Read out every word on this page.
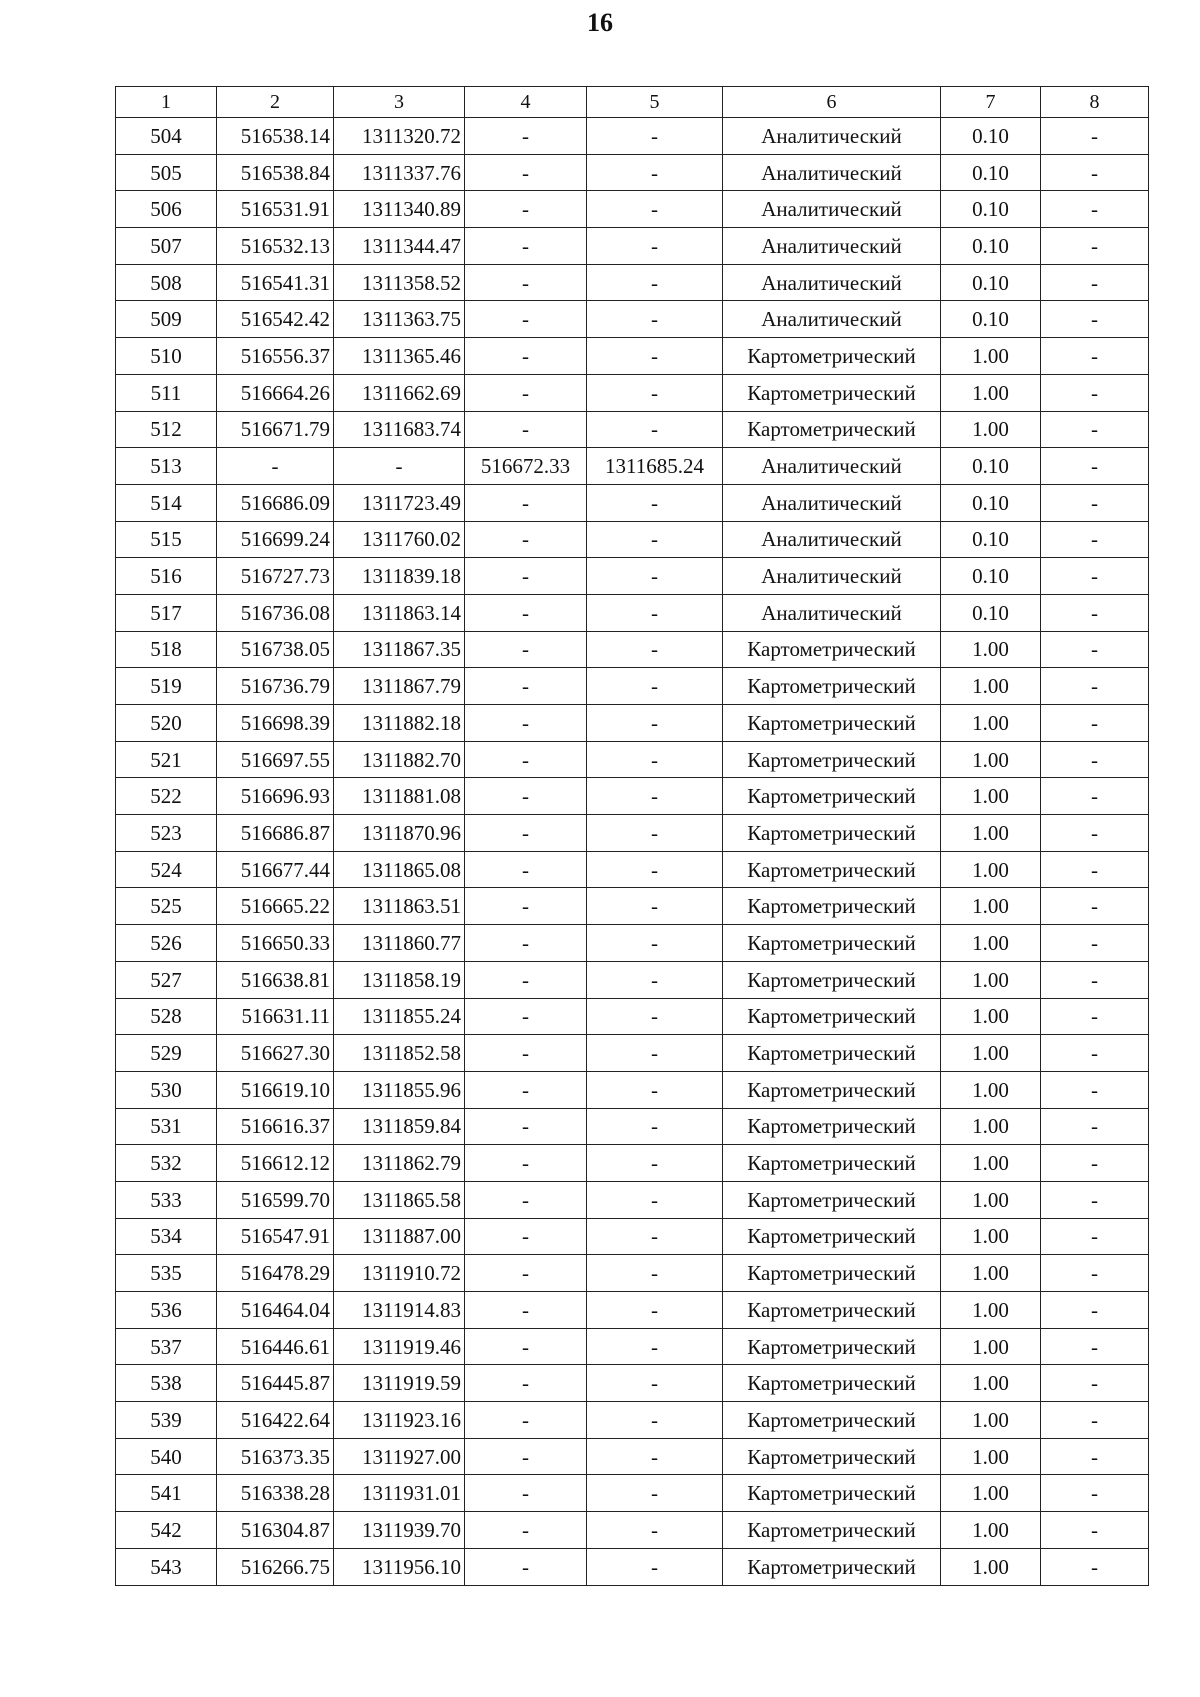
16
1	2	3	4	5	6	7	8
504	516538.14	1311320.72	-	-	Аналитический	0.10	-
505	516538.84	1311337.76	-	-	Аналитический	0.10	-
506	516531.91	1311340.89	-	-	Аналитический	0.10	-
507	516532.13	1311344.47	-	-	Аналитический	0.10	-
508	516541.31	1311358.52	-	-	Аналитический	0.10	-
509	516542.42	1311363.75	-	-	Аналитический	0.10	-
510	516556.37	1311365.46	-	-	Картометрический	1.00	-
511	516664.26	1311662.69	-	-	Картометрический	1.00	-
512	516671.79	1311683.74	-	-	Картометрический	1.00	-
513	-	-	516672.33	1311685.24	Аналитический	0.10	-
514	516686.09	1311723.49	-	-	Аналитический	0.10	-
515	516699.24	1311760.02	-	-	Аналитический	0.10	-
516	516727.73	1311839.18	-	-	Аналитический	0.10	-
517	516736.08	1311863.14	-	-	Аналитический	0.10	-
518	516738.05	1311867.35	-	-	Картометрический	1.00	-
519	516736.79	1311867.79	-	-	Картометрический	1.00	-
520	516698.39	1311882.18	-	-	Картометрический	1.00	-
521	516697.55	1311882.70	-	-	Картометрический	1.00	-
522	516696.93	1311881.08	-	-	Картометрический	1.00	-
523	516686.87	1311870.96	-	-	Картометрический	1.00	-
524	516677.44	1311865.08	-	-	Картометрический	1.00	-
525	516665.22	1311863.51	-	-	Картометрический	1.00	-
526	516650.33	1311860.77	-	-	Картометрический	1.00	-
527	516638.81	1311858.19	-	-	Картометрический	1.00	-
528	516631.11	1311855.24	-	-	Картометрический	1.00	-
529	516627.30	1311852.58	-	-	Картометрический	1.00	-
530	516619.10	1311855.96	-	-	Картометрический	1.00	-
531	516616.37	1311859.84	-	-	Картометрический	1.00	-
532	516612.12	1311862.79	-	-	Картометрический	1.00	-
533	516599.70	1311865.58	-	-	Картометрический	1.00	-
534	516547.91	1311887.00	-	-	Картометрический	1.00	-
535	516478.29	1311910.72	-	-	Картометрический	1.00	-
536	516464.04	1311914.83	-	-	Картометрический	1.00	-
537	516446.61	1311919.46	-	-	Картометрический	1.00	-
538	516445.87	1311919.59	-	-	Картометрический	1.00	-
539	516422.64	1311923.16	-	-	Картометрический	1.00	-
540	516373.35	1311927.00	-	-	Картометрический	1.00	-
541	516338.28	1311931.01	-	-	Картометрический	1.00	-
542	516304.87	1311939.70	-	-	Картометрический	1.00	-
543	516266.75	1311956.10	-	-	Картометрический	1.00	-
